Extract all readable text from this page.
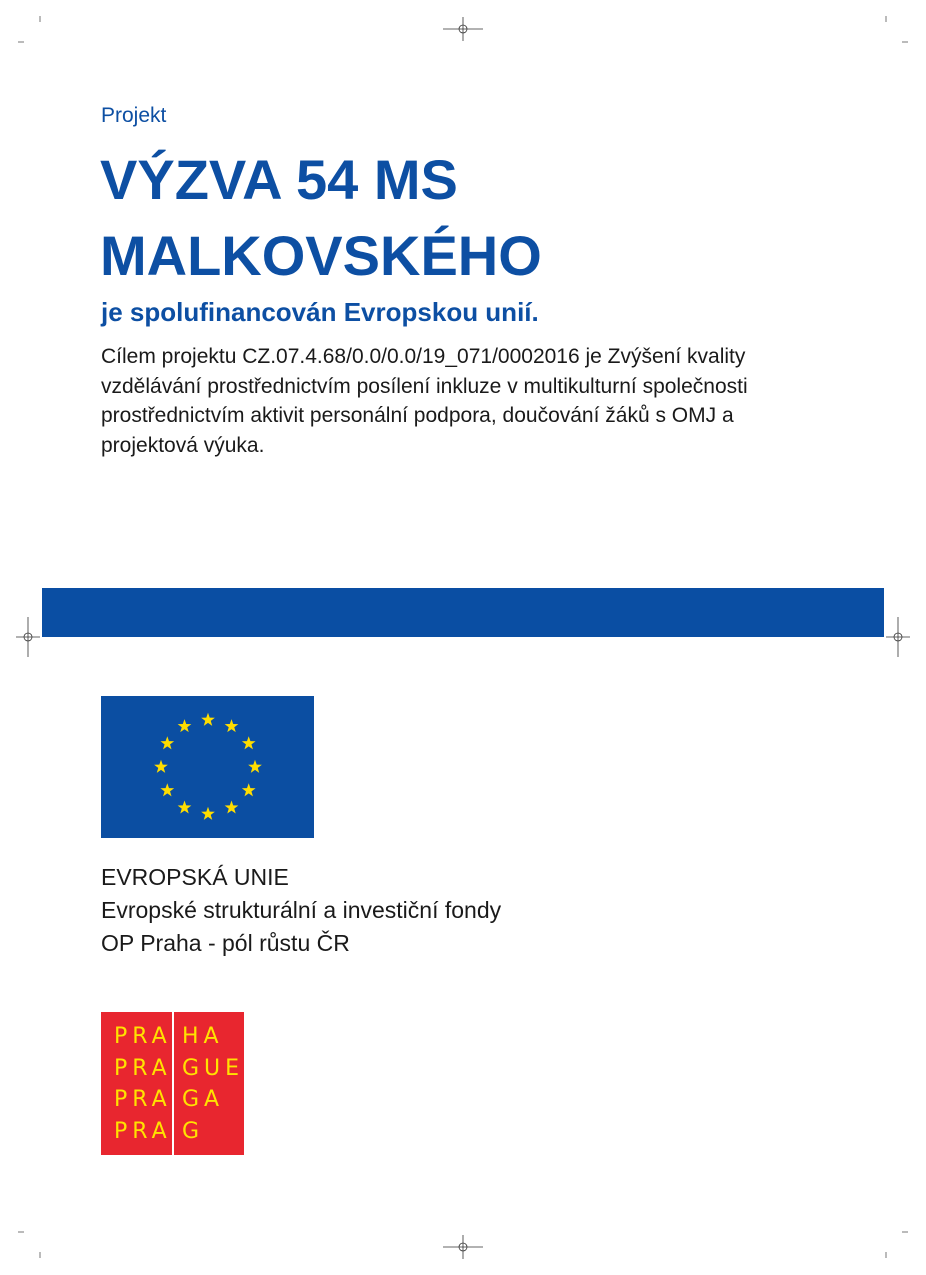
Projekt

VÝZVA 54 MS
MALKOVSKÉHO

je spolufinancován Evropskou unií.

Cílem projektu CZ.07.4.68/0.0/0.0/19_071/0002016 je Zvýšení kvality vzdělávání prostřednictvím posílení inkluze v multikulturní společnosti prostřednictvím aktivit personální podpora, doučování žáků s OMJ a projektová výuka.

EVROPSKÁ UNIE
Evropské strukturální a investiční fondy
OP Praha - pól růstu ČR
PRA
PRA
PRA
PRA
HA
GUE
GA
G
